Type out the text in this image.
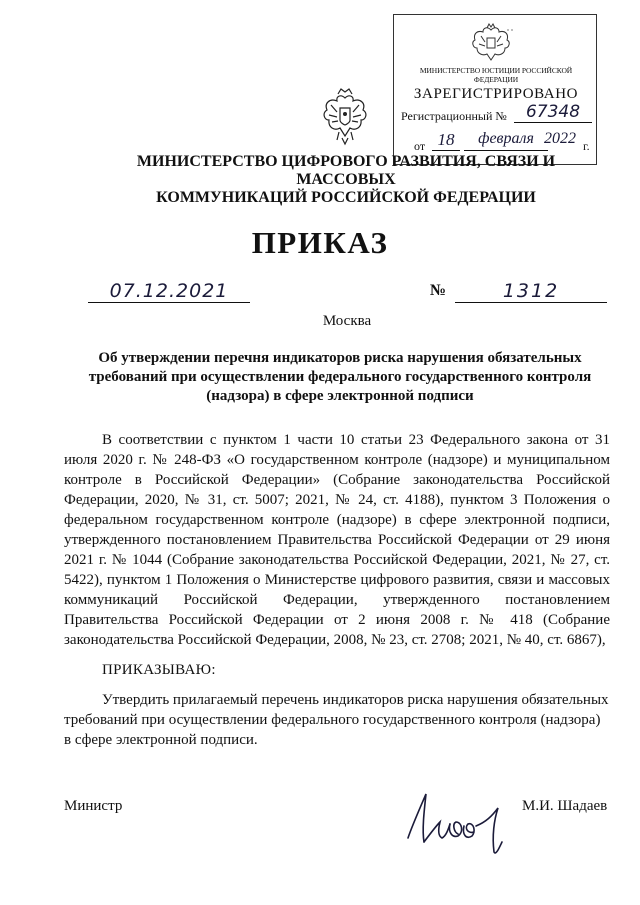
МИНИСТЕРСТВО ЮСТИЦИИ РОССИЙСКОЙ ФЕДЕРАЦИИ
ЗАРЕГИСТРИРОВАНО
Регистрационный №	67348
от 18	февраля 2022 г.
МИНИСТЕРСТВО ЦИФРОВОГО РАЗВИТИЯ, СВЯЗИ И МАССОВЫХ
КОММУНИКАЦИЙ РОССИЙСКОЙ ФЕДЕРАЦИИ
ПРИКАЗ
07.12.2021	№	1312
Москва
Об утверждении перечня индикаторов риска нарушения обязательных требований при осуществлении федерального государственного контроля (надзора) в сфере электронной подписи

В соответствии с пунктом 1 части 10 статьи 23 Федерального закона от 31 июля 2020 г. № 248-ФЗ «О государственном контроле (надзоре) и муниципальном контроле в Российской Федерации» (Собрание законодательства Российской Федерации, 2020, № 31, ст. 5007; 2021, № 24, ст. 4188), пунктом 3 Положения о федеральном государственном контроле (надзоре) в сфере электронной подписи, утвержденного постановлением Правительства Российской Федерации от 29 июня 2021 г. № 1044 (Собрание законодательства Российской Федерации, 2021, № 27, ст. 5422), пунктом 1 Положения о Министерстве цифрового развития, связи и массовых коммуникаций Российской Федерации, утвержденного постановлением Правительства Российской Федерации от 2 июня 2008 г. № 418 (Собрание законодательства Российской Федерации, 2008, № 23, ст. 2708; 2021, № 40, ст. 6867),

ПРИКАЗЫВАЮ:

Утвердить прилагаемый перечень индикаторов риска нарушения обязательных требований при осуществлении федерального государственного контроля (надзора) в сфере электронной подписи.

Министр	М.И. Шадаев
